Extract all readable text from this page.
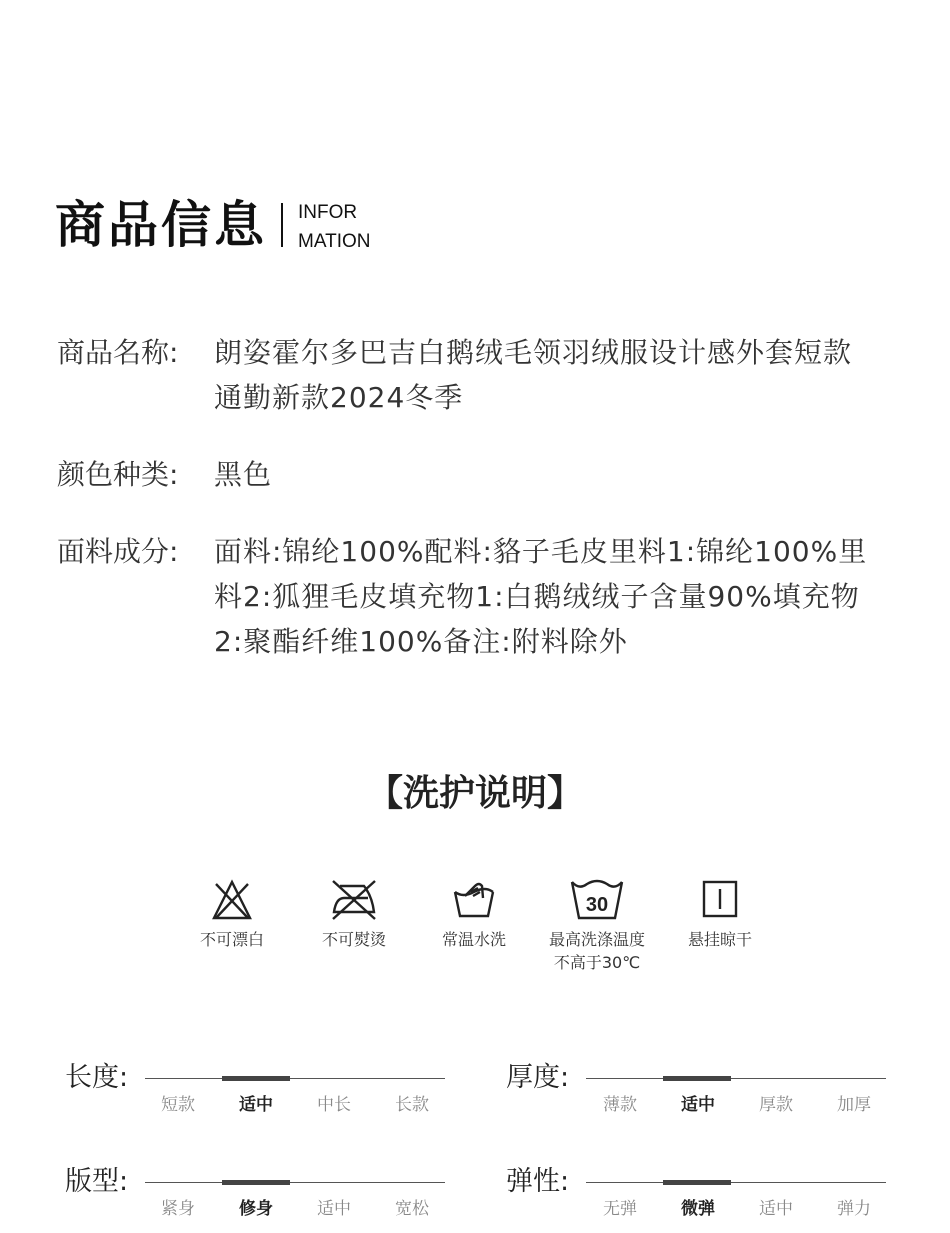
商品信息 INFOR
MATION
商品名称:	朗姿霍尔多巴吉白鹅绒毛领羽绒服设计感外套短款通勤新款2024冬季
颜色种类:	黑色
面料成分:	面料:锦纶100%配料:貉子毛皮里料1:锦纶100%里料2:狐狸毛皮填充物1:白鹅绒绒子含量90%填充物2:聚酯纤维100%备注:附料除外
【洗护说明】
不可漂白	不可熨烫	常温水洗
30
最高洗涤温度
不高于30℃
悬挂晾干
长度:
短款	适中	中长	长款
厚度:
薄款	适中	厚款	加厚
版型:
紧身	修身	适中	宽松
弹性:
无弹	微弹	适中	弹力
